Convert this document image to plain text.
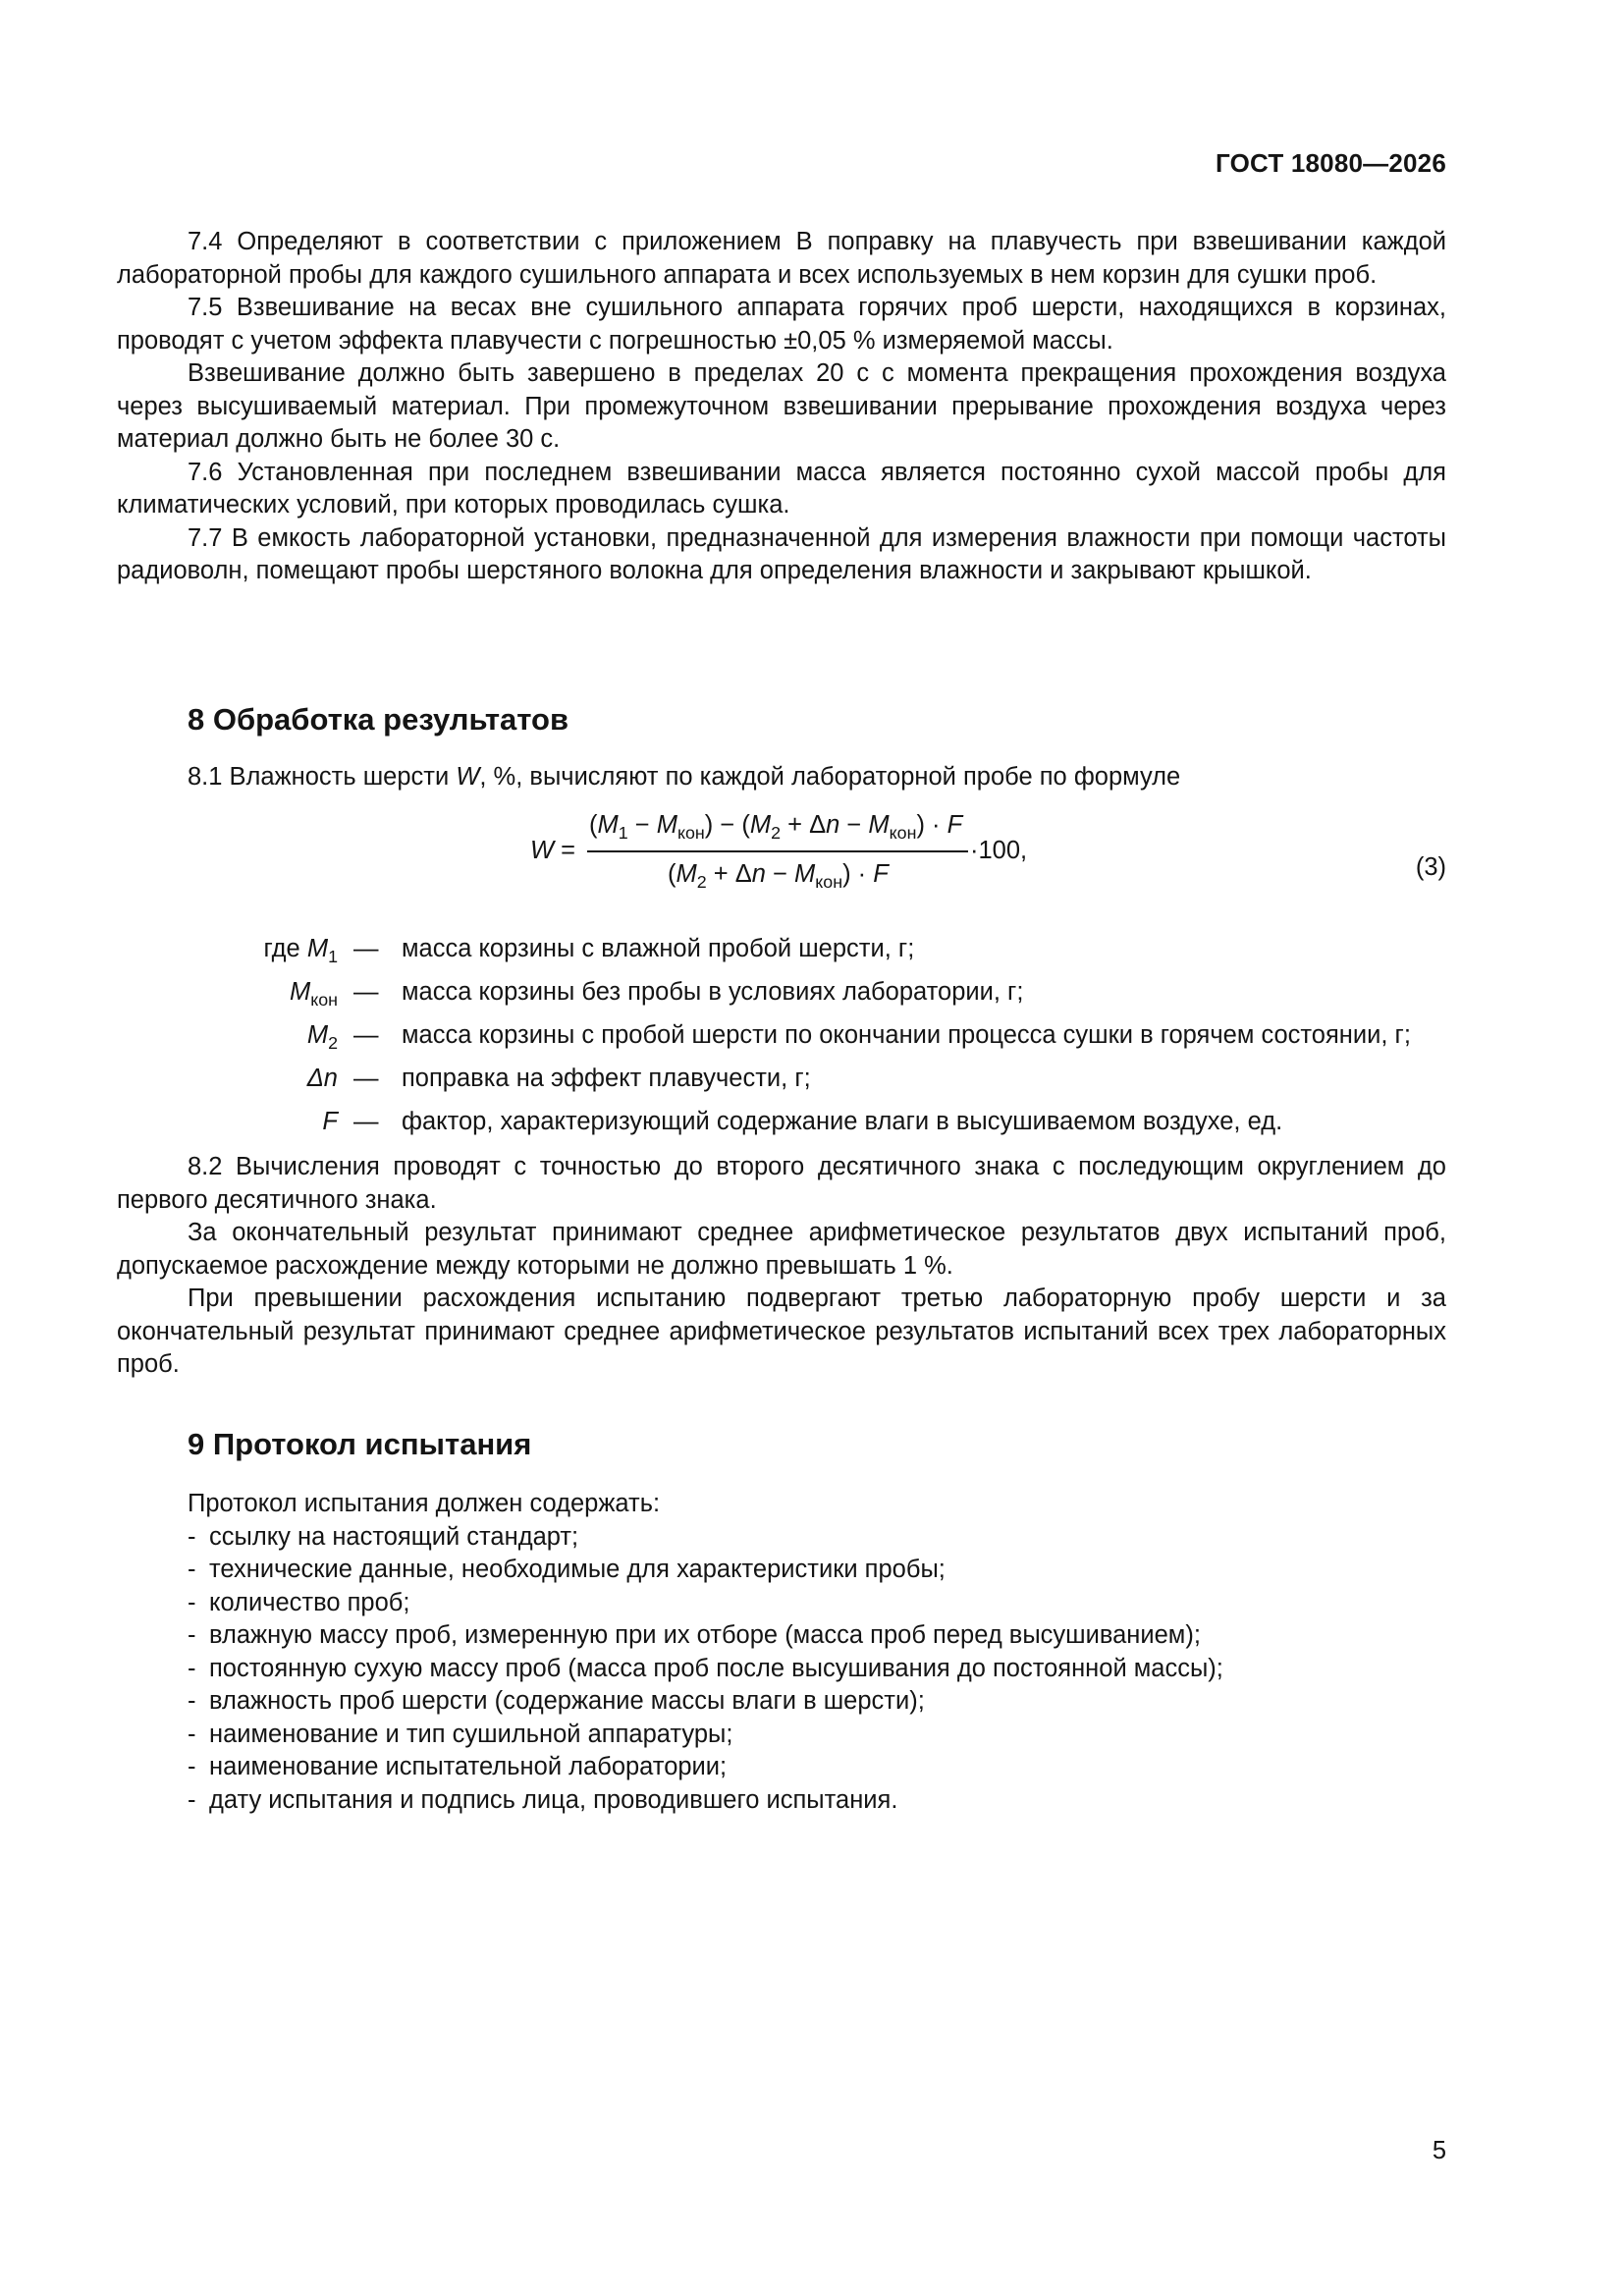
ГОСТ 18080—2026

7.4 Определяют в соответствии с приложением В поправку на плавучесть при взвешивании каждой лабораторной пробы для каждого сушильного аппарата и всех используемых в нем корзин для сушки проб.

7.5 Взвешивание на весах вне сушильного аппарата горячих проб шерсти, находящихся в корзинах, проводят с учетом эффекта плавучести с погрешностью ±0,05 % измеряемой массы.

Взвешивание должно быть завершено в пределах 20 с с момента прекращения прохождения воздуха через высушиваемый материал. При промежуточном взвешивании прерывание прохождения воздуха через материал должно быть не более 30 с.

7.6 Установленная при последнем взвешивании масса является постоянно сухой массой пробы для климатических условий, при которых проводилась сушка.

7.7 В емкость лабораторной установки, предназначенной для измерения влажности при помощи частоты радиоволн, помещают пробы шерстяного волокна для определения влажности и закрывают крышкой.

8 Обработка результатов

8.1 Влажность шерсти W, %, вычисляют по каждой лабораторной пробе по формуле

W =
$(M_1 - M_{кон}) - (M_2 + \Delta n - M_{кон}) \cdot F$
$(M_2 + \Delta n - M_{кон}) \cdot F$
·100,
(3)
где $M_1$ — масса корзины с влажной пробой шерсти, г;
$M_{кон}$ — масса корзины без пробы в условиях лаборатории, г;
$M_2$ — масса корзины с пробой шерсти по окончании процесса сушки в горячем состоянии, г;
Δn — поправка на эффект плавучести, г;
F — фактор, характеризующий содержание влаги в высушиваемом воздухе, ед.

8.2 Вычисления проводят с точностью до второго десятичного знака с последующим округлением до первого десятичного знака.

За окончательный результат принимают среднее арифметическое результатов двух испытаний проб, допускаемое расхождение между которыми не должно превышать 1 %.

При превышении расхождения испытанию подвергают третью лабораторную пробу шерсти и за окончательный результат принимают среднее арифметическое результатов испытаний всех трех лабораторных проб.

9 Протокол испытания

Протокол испытания должен содержать:

- ссылку на настоящий стандарт;
- технические данные, необходимые для характеристики пробы;
- количество проб;
- влажную массу проб, измеренную при их отборе (масса проб перед высушиванием);
- постоянную сухую массу проб (масса проб после высушивания до постоянной массы);
- влажность проб шерсти (содержание массы влаги в шерсти);
- наименование и тип сушильной аппаратуры;
- наименование испытательной лаборатории;
- дату испытания и подпись лица, проводившего испытания.
5
